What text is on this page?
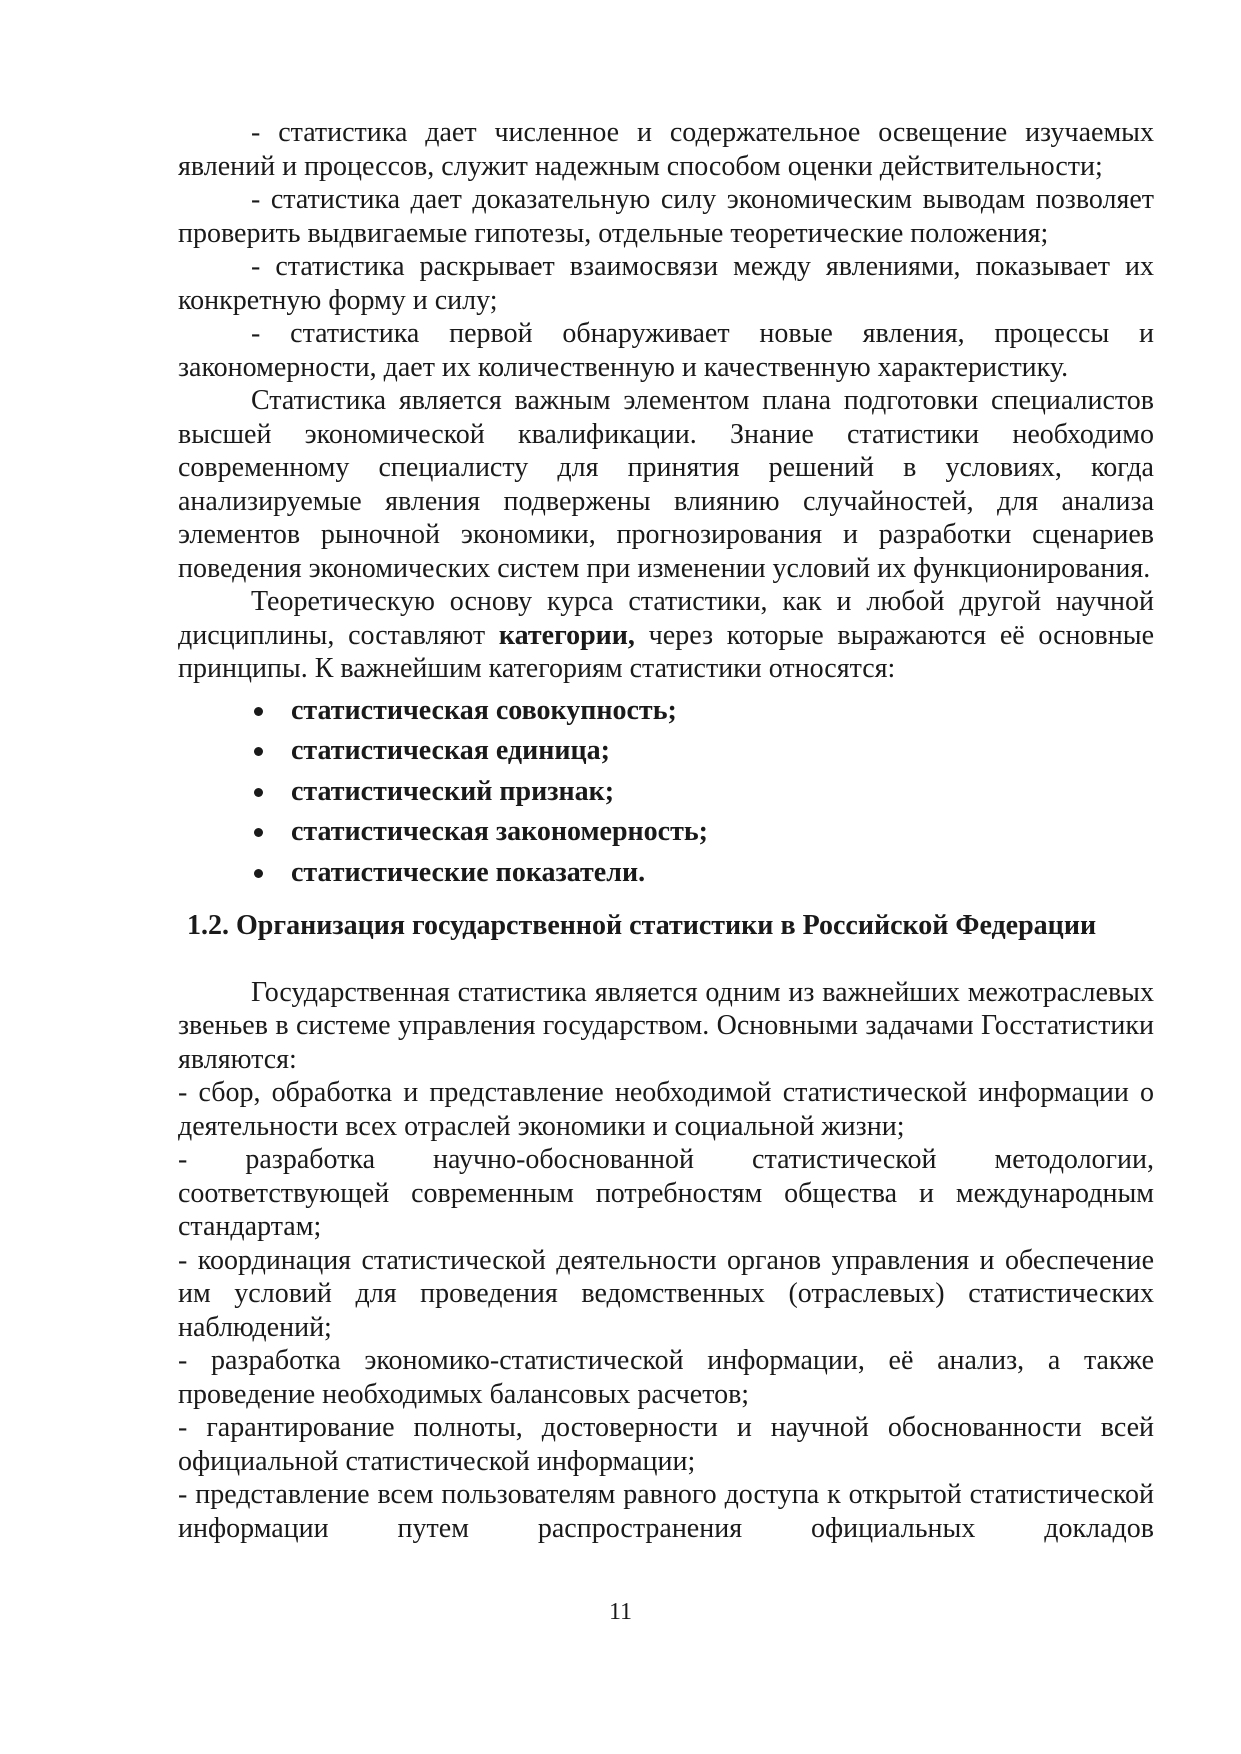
- статистика дает численное и содержательное освещение изучаемых явлений и процессов, служит надежным способом оценки действительности;

- статистика дает доказательную силу экономическим выводам позволяет проверить выдвигаемые гипотезы, отдельные теоретические положения;

- статистика раскрывает взаимосвязи между явлениями, показывает их конкретную форму и силу;

- статистика первой обнаруживает новые явления, процессы и закономерности, дает их количественную и качественную характеристику.

Статистика является важным элементом плана подготовки специалистов высшей экономической квалификации. Знание статистики необходимо современному специалисту для принятия решений в условиях, когда анализируемые явления подвержены влиянию случайностей, для анализа элементов рыночной экономики, прогнозирования и разработки сценариев поведения экономических систем при изменении условий их функционирования.

Теоретическую основу курса статистики, как и любой другой научной дисциплины, составляют категории, через которые выражаются её основные принципы. К важнейшим категориям статистики относятся:

статистическая совокупность;
статистическая единица;
статистический признак;
статистическая закономерность;
статистические показатели.
1.2. Организация государственной статистики в Российской Федерации

Государственная статистика является одним из важнейших межотраслевых звеньев в системе управления государством. Основными задачами Госстатистики являются:

- сбор, обработка и представление необходимой статистической информации о деятельности всех отраслей экономики и социальной жизни;

- разработка научно-обоснованной статистической методологии, соответствующей современным потребностям общества и международным стандартам;

- координация статистической деятельности органов управления и обеспечение им условий для проведения ведомственных (отраслевых) статистических наблюдений;

- разработка экономико-статистической информации, её анализ, а также проведение необходимых балансовых расчетов;

- гарантирование полноты, достоверности и научной обоснованности всей официальной статистической информации;

- представление всем пользователям равного доступа к открытой статистической информации путем распространения официальных докладов

11
